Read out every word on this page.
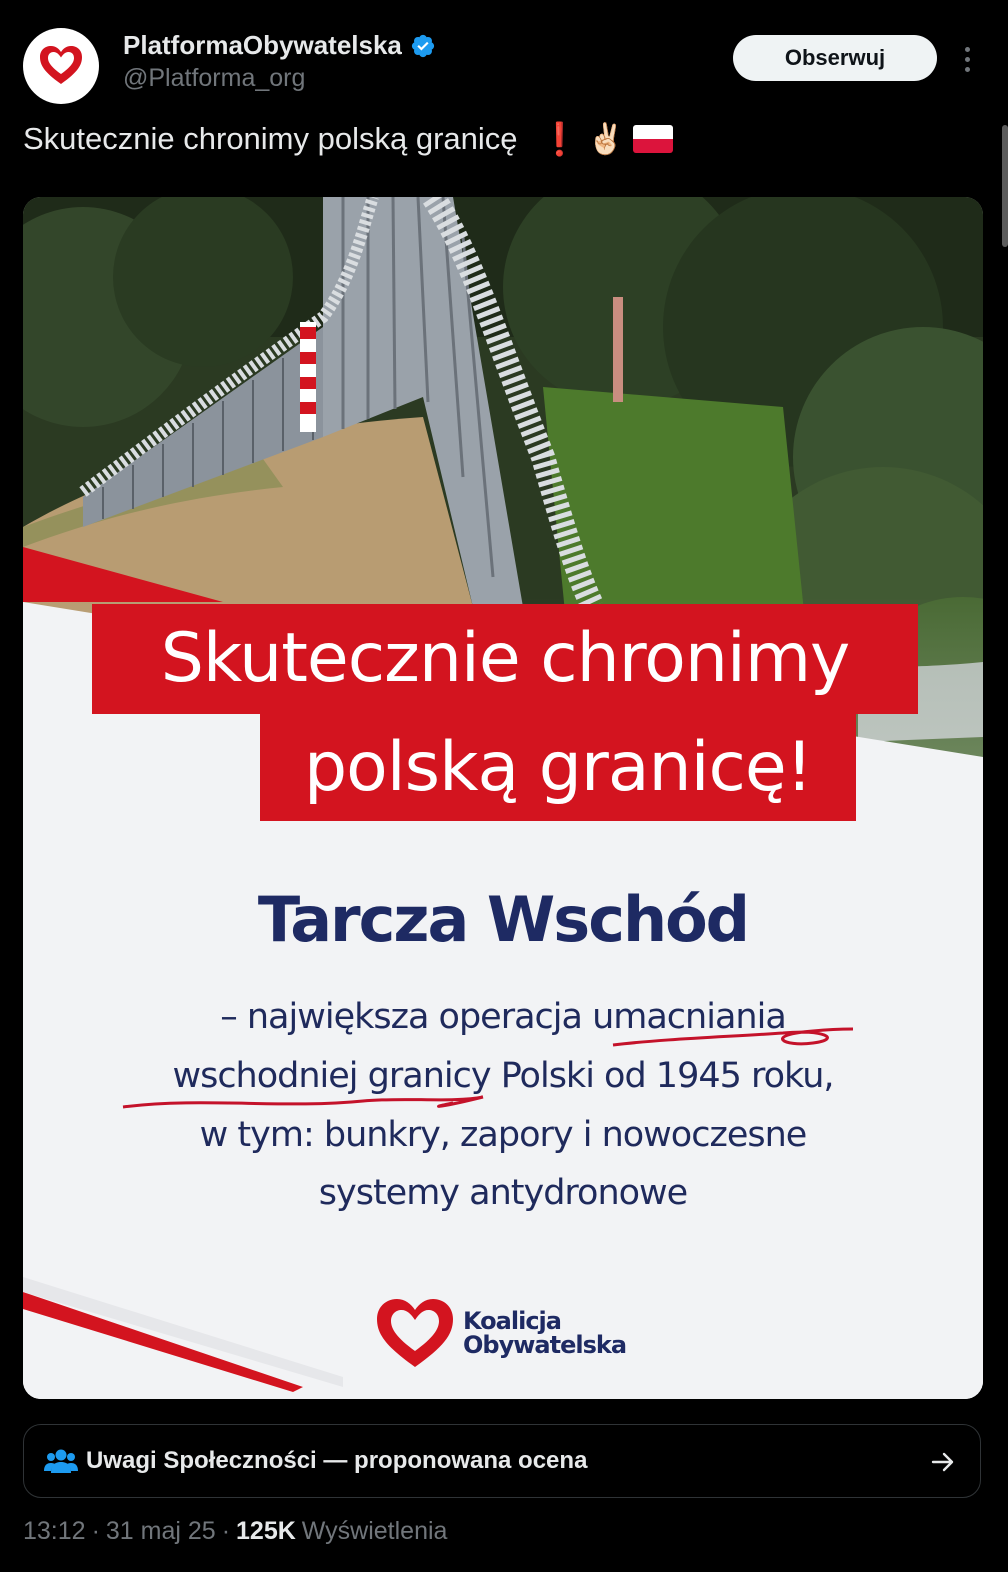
PlatformaObywatelska
@Platforma_org
Obserwuj
Skutecznie chronimy polską granicę ❗ ✌🏻
Skutecznie chronimy
polską granicę!
Tarcza Wschód
– największa operacja umacniania
wschodniej granicy Polski od 1945 roku,
w tym: bunkry, zapory i nowoczesne
systemy antydronowe
Koalicja
Obywatelska
Uwagi Społeczności — proponowana ocena
13:12 · 31 maj 25 · 125K Wyświetlenia
